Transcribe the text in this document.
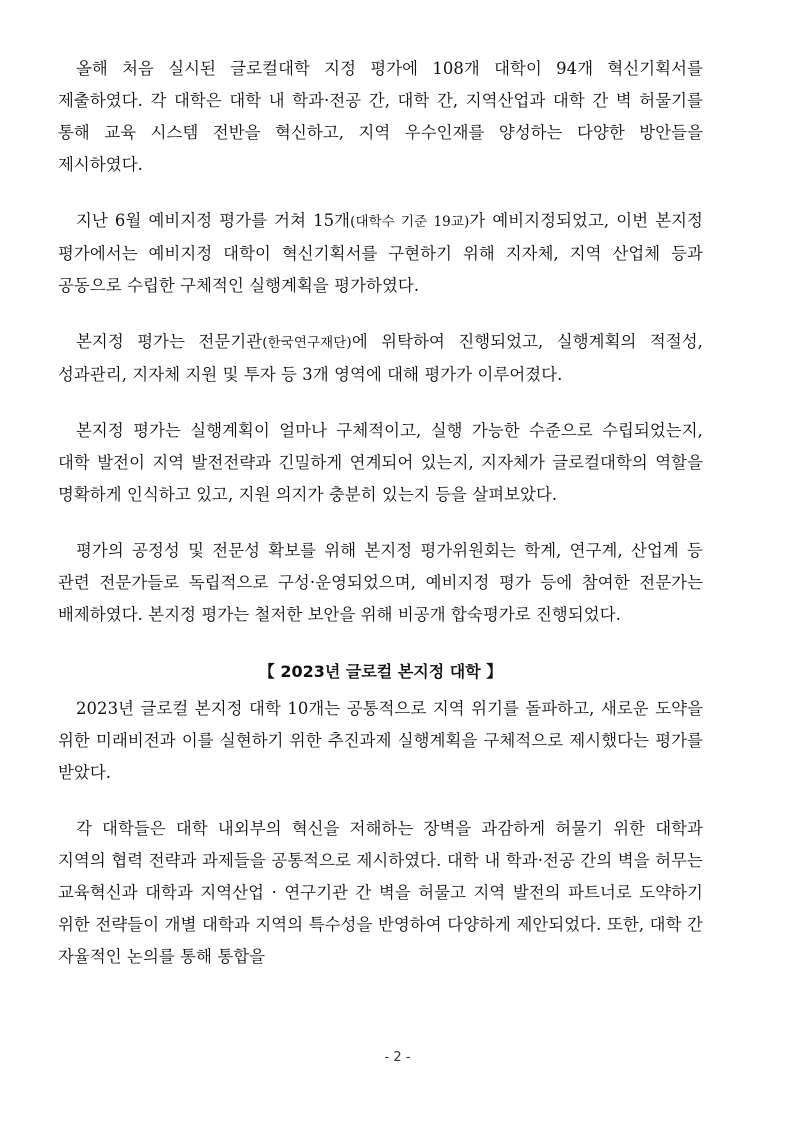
올해 처음 실시된 글로컬대학 지정 평가에 108개 대학이 94개 혁신기획서를 제출하였다. 각 대학은 대학 내 학과·전공 간, 대학 간, 지역산업과 대학 간 벽 허물기를 통해 교육 시스템 전반을 혁신하고, 지역 우수인재를 양성하는 다양한 방안들을 제시하였다.

지난 6월 예비지정 평가를 거쳐 15개(대학수 기준 19교)가 예비지정되었고, 이번 본지정 평가에서는 예비지정 대학이 혁신기획서를 구현하기 위해 지자체, 지역 산업체 등과 공동으로 수립한 구체적인 실행계획을 평가하였다.

본지정 평가는 전문기관(한국연구재단)에 위탁하여 진행되었고, 실행계획의 적절성, 성과관리, 지자체 지원 및 투자 등 3개 영역에 대해 평가가 이루어졌다.

본지정 평가는 실행계획이 얼마나 구체적이고, 실행 가능한 수준으로 수립되었는지, 대학 발전이 지역 발전전략과 긴밀하게 연계되어 있는지, 지자체가 글로컬대학의 역할을 명확하게 인식하고 있고, 지원 의지가 충분히 있는지 등을 살펴보았다.

평가의 공정성 및 전문성 확보를 위해 본지정 평가위원회는 학계, 연구계, 산업계 등 관련 전문가들로 독립적으로 구성·운영되었으며, 예비지정 평가 등에 참여한 전문가는 배제하였다. 본지정 평가는 철저한 보안을 위해 비공개 합숙평가로 진행되었다.

【 2023년 글로컬 본지정 대학 】

2023년 글로컬 본지정 대학 10개는 공통적으로 지역 위기를 돌파하고, 새로운 도약을 위한 미래비전과 이를 실현하기 위한 추진과제 실행계획을 구체적으로 제시했다는 평가를 받았다.

각 대학들은 대학 내외부의 혁신을 저해하는 장벽을 과감하게 허물기 위한 대학과 지역의 협력 전략과 과제들을 공통적으로 제시하였다. 대학 내 학과·전공 간의 벽을 허무는 교육혁신과 대학과 지역산업 · 연구기관 간 벽을 허물고 지역 발전의 파트너로 도약하기 위한 전략들이 개별 대학과 지역의 특수성을 반영하여 다양하게 제안되었다. 또한, 대학 간 자율적인 논의를 통해 통합을

- 2 -
